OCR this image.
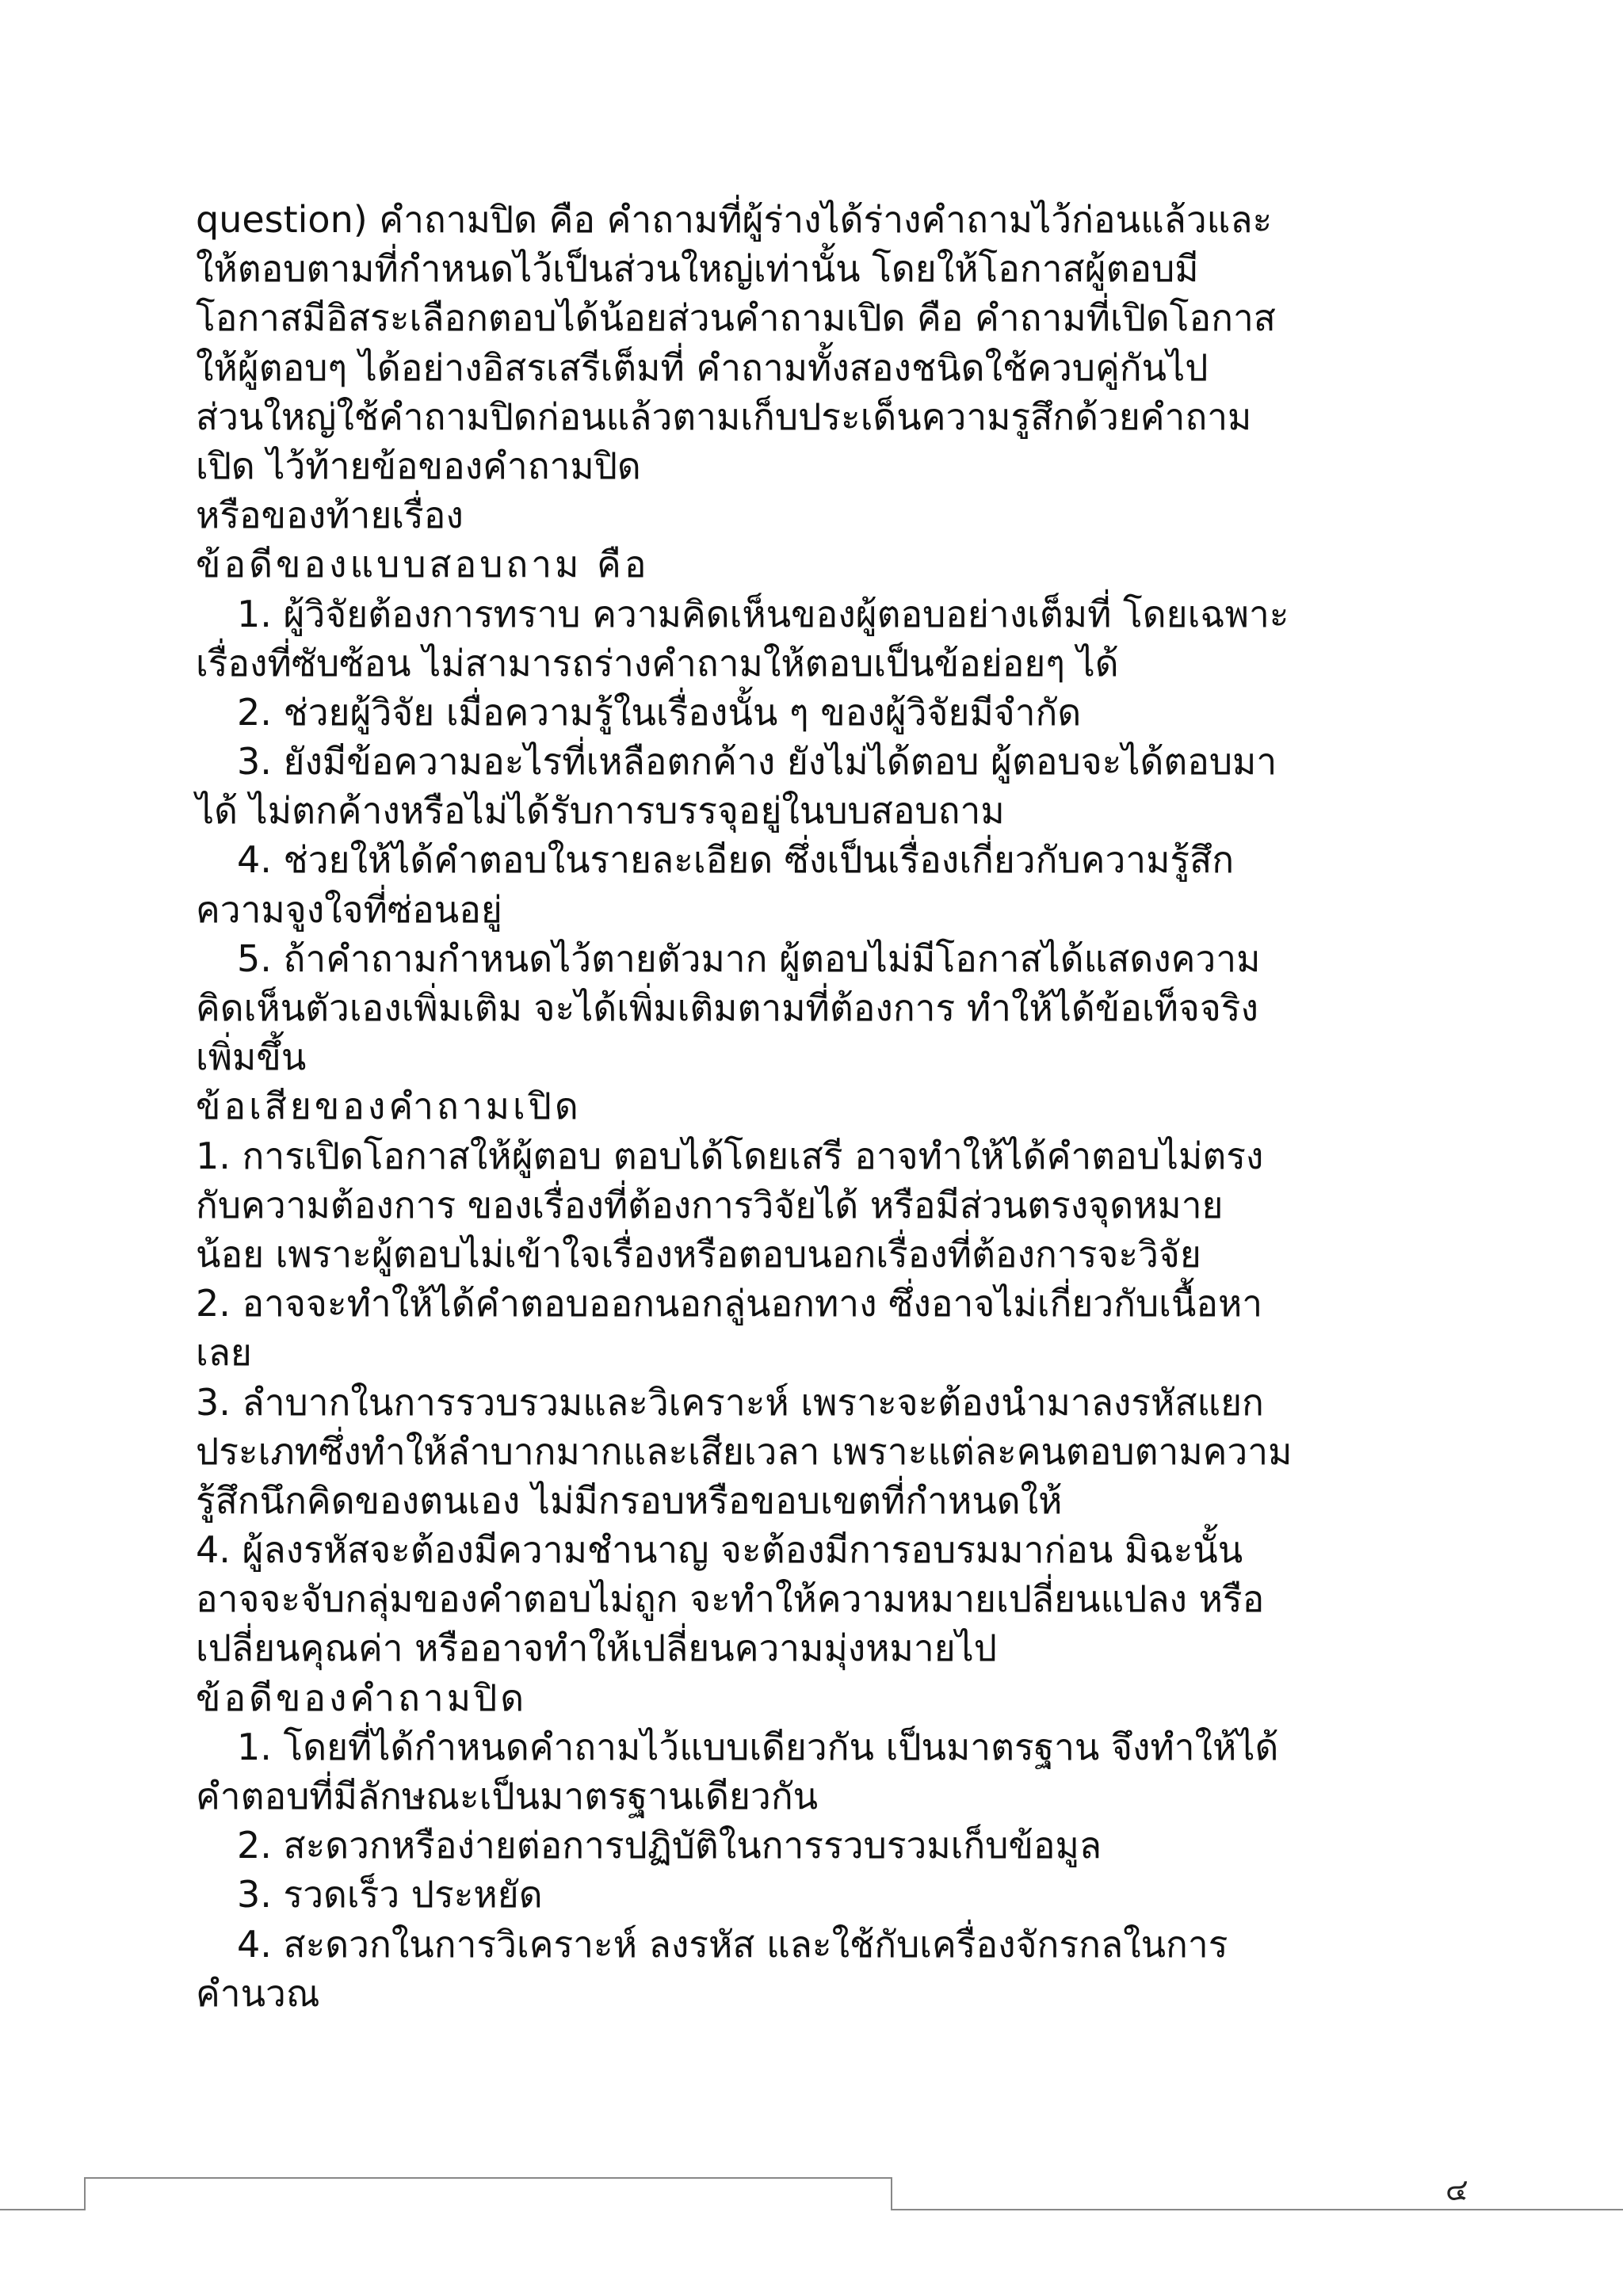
question) คำถามปิด คือ คำถามที่ผู้ร่างได้ร่างคำถามไว้ก่อนแล้วและ
ให้ตอบตามที่กำหนดไว้เป็นส่วนใหญ่เท่านั้น โดยให้โอกาสผู้ตอบมี
โอกาสมีอิสระเลือกตอบได้น้อยส่วนคำถามเปิด คือ คำถามที่เปิดโอกาส
ให้ผู้ตอบๆ ได้อย่างอิสรเสรีเต็มที่ คำถามทั้งสองชนิดใช้ควบคู่กันไป
ส่วนใหญ่ใช้คำถามปิดก่อนแล้วตามเก็บประเด็นความรูสึกด้วยคำถาม
เปิด ไว้ท้ายข้อของคำถามปิด
หรือของท้ายเรื่อง
ข้อดีของแบบสอบถาม คือ
1. ผู้วิจัยต้องการทราบ ความคิดเห็นของผู้ตอบอย่างเต็มที่ โดยเฉพาะ
เรื่องที่ซับซ้อน ไม่สามารถร่างคำถามให้ตอบเป็นข้อย่อยๆ ได้
2. ช่วยผู้วิจัย เมื่อความรู้ในเรื่องนั้น ๆ ของผู้วิจัยมีจำกัด
3. ยังมีข้อความอะไรที่เหลือตกค้าง ยังไม่ได้ตอบ ผู้ตอบจะได้ตอบมา
ได้ ไม่ตกค้างหรือไม่ได้รับการบรรจุอยู่ในบบสอบถาม
4. ช่วยให้ได้คำตอบในรายละเอียด ซึ่งเป็นเรื่องเกี่ยวกับความรู้สึก
ความจูงใจที่ซ่อนอยู่
5. ถ้าคำถามกำหนดไว้ตายตัวมาก ผู้ตอบไม่มีโอกาสได้แสดงความ
คิดเห็นตัวเองเพิ่มเติม จะได้เพิ่มเติมตามที่ต้องการ ทำให้ได้ข้อเท็จจริง
เพิ่มขึ้น
ข้อเสียของคำถามเปิด
1. การเปิดโอกาสให้ผู้ตอบ ตอบได้โดยเสรี อาจทำให้ได้คำตอบไม่ตรง
กับความต้องการ ของเรื่องที่ต้องการวิจัยได้ หรือมีส่วนตรงจุดหมาย
น้อย เพราะผู้ตอบไม่เข้าใจเรื่องหรือตอบนอกเรื่องที่ต้องการจะวิจัย
2. อาจจะทำให้ได้คำตอบออกนอกลู่นอกทาง ซึ่งอาจไม่เกี่ยวกับเนื้อหา
เลย
3. ลำบากในการรวบรวมและวิเคราะห์ เพราะจะต้องนำมาลงรหัสแยก
ประเภทซึ่งทำให้ลำบากมากและเสียเวลา เพราะแต่ละคนตอบตามความ
รู้สึกนึกคิดของตนเอง ไม่มีกรอบหรือขอบเขตที่กำหนดให้
4. ผู้ลงรหัสจะต้องมีความชำนาญ จะต้องมีการอบรมมาก่อน มิฉะนั้น
อาจจะจับกลุ่มของคำตอบไม่ถูก จะทำให้ความหมายเปลี่ยนแปลง หรือ
เปลี่ยนคุณค่า หรืออาจทำให้เปลี่ยนความมุ่งหมายไป
ข้อดีของคำถามปิด
1. โดยที่ได้กำหนดคำถามไว้แบบเดียวกัน เป็นมาตรฐาน จึงทำให้ได้
คำตอบที่มีลักษณะเป็นมาตรฐานเดียวกัน
2. สะดวกหรือง่ายต่อการปฏิบัติในการรวบรวมเก็บข้อมูล
3. รวดเร็ว ประหยัด
4. สะดวกในการวิเคราะห์ ลงรหัส และใช้กับเครื่องจักรกลในการ
คำนวณ
๔
